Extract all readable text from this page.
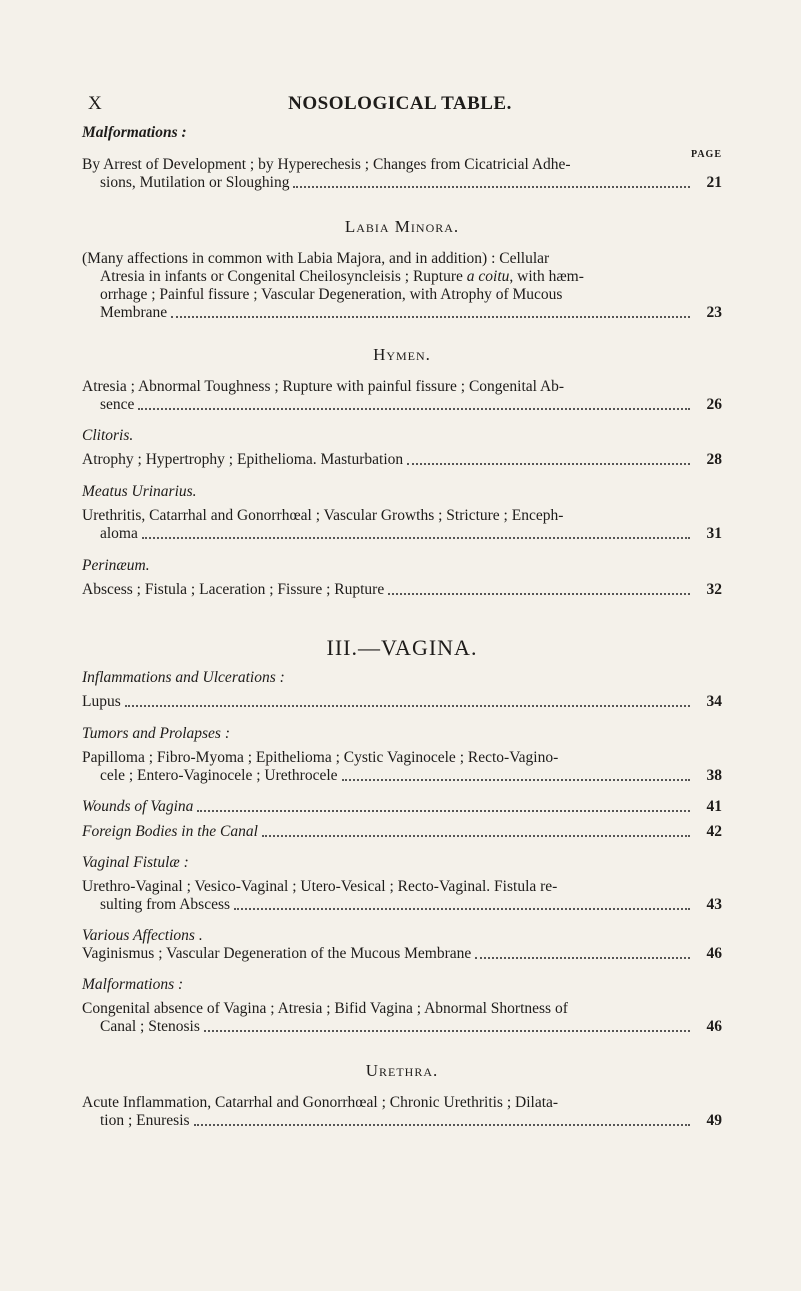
X	NOSOLOGICAL TABLE.

Malformations :

PAGE

By Arrest of Development ; by Hyperechesis ; Changes from Cicatricial Adhe-

sions, Mutilation or Sloughing	21

Labia Minora.

(Many affections in common with Labia Majora, and in addition) : Cellular

Atresia in infants or Congenital Cheilosyncleisis ; Rupture a coitu, with hæm-

orrhage ; Painful fissure ; Vascular Degeneration, with Atrophy of Mucous

Membrane	23

Hymen.

Atresia ; Abnormal Toughness ; Rupture with painful fissure ; Congenital Ab-

sence	26

Clitoris.

Atrophy ; Hypertrophy ; Epithelioma. Masturbation	28

Meatus Urinarius.

Urethritis, Catarrhal and Gonorrhœal ; Vascular Growths ; Stricture ; Enceph-

aloma	31

Perinæum.

Abscess ; Fistula ; Laceration ; Fissure ; Rupture	32

III.—VAGINA.

Inflammations and Ulcerations :

Lupus	34

Tumors and Prolapses :

Papilloma ; Fibro-Myoma ; Epithelioma ; Cystic Vaginocele ; Recto-Vagino-

cele ; Entero-Vaginocele ; Urethrocele	38
Wounds of Vagina	41
Foreign Bodies in the Canal	42

Vaginal Fistulæ :

Urethro-Vaginal ; Vesico-Vaginal ; Utero-Vesical ; Recto-Vaginal. Fistula re-

sulting from Abscess	43

Various Affections .

Vaginismus ; Vascular Degeneration of the Mucous Membrane	46

Malformations :

Congenital absence of Vagina ; Atresia ; Bifid Vagina ; Abnormal Shortness of

Canal ; Stenosis	46

Urethra.

Acute Inflammation, Catarrhal and Gonorrhœal ; Chronic Urethritis ; Dilata-

tion ; Enuresis	49
